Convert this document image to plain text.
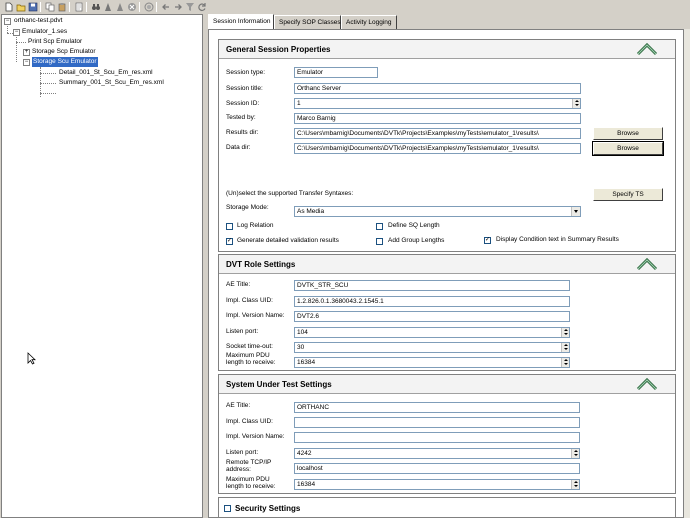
− orthanc-test.pdvt
− Emulator_1.ses
Print Scp Emulator
+ Storage Scp Emulator
− Storage Scu Emulator
Detail_001_St_Scu_Em_res.xml
Summary_001_St_Scu_Em_res.xml
Session Information	Specify SOP Classes Activity Logging
General Session Properties
Session type:	Emulator
Session title:	Orthanc Server
Session ID:	1
Tested by:	Marco Barnig
Results dir:	C:\Users\mbarnig\Documents\DVTk\Projects\Examples\myTests\emulator_1\results\	Browse
Data dir:	C:\Users\mbarnig\Documents\DVTk\Projects\Examples\myTests\emulator_1\results\	Browse
(Un)select the supported Transfer Syntaxes:	Specify TS
Storage Mode:
As Media
Log Relation	Define SQ Length
✓ Generate detailed validation results	Add Group Lengths	✓ Display Condition text in Summary Results
DVT Role Settings
AE Title:	DVTK_STR_SCU
Impl. Class UID:	1.2.826.0.1.3680043.2.1545.1
Impl. Version Name:	DVT2.6
Listen port:	104
Socket time-out:	30
Maximum PDU
length to receive:	16384
System Under Test Settings
AE Title:	ORTHANC
Impl. Class UID:
Impl. Version Name:
Listen port:	4242
Remote TCP/IP
address:	localhost
Maximum PDU
length to receive:	16384
Security Settings
